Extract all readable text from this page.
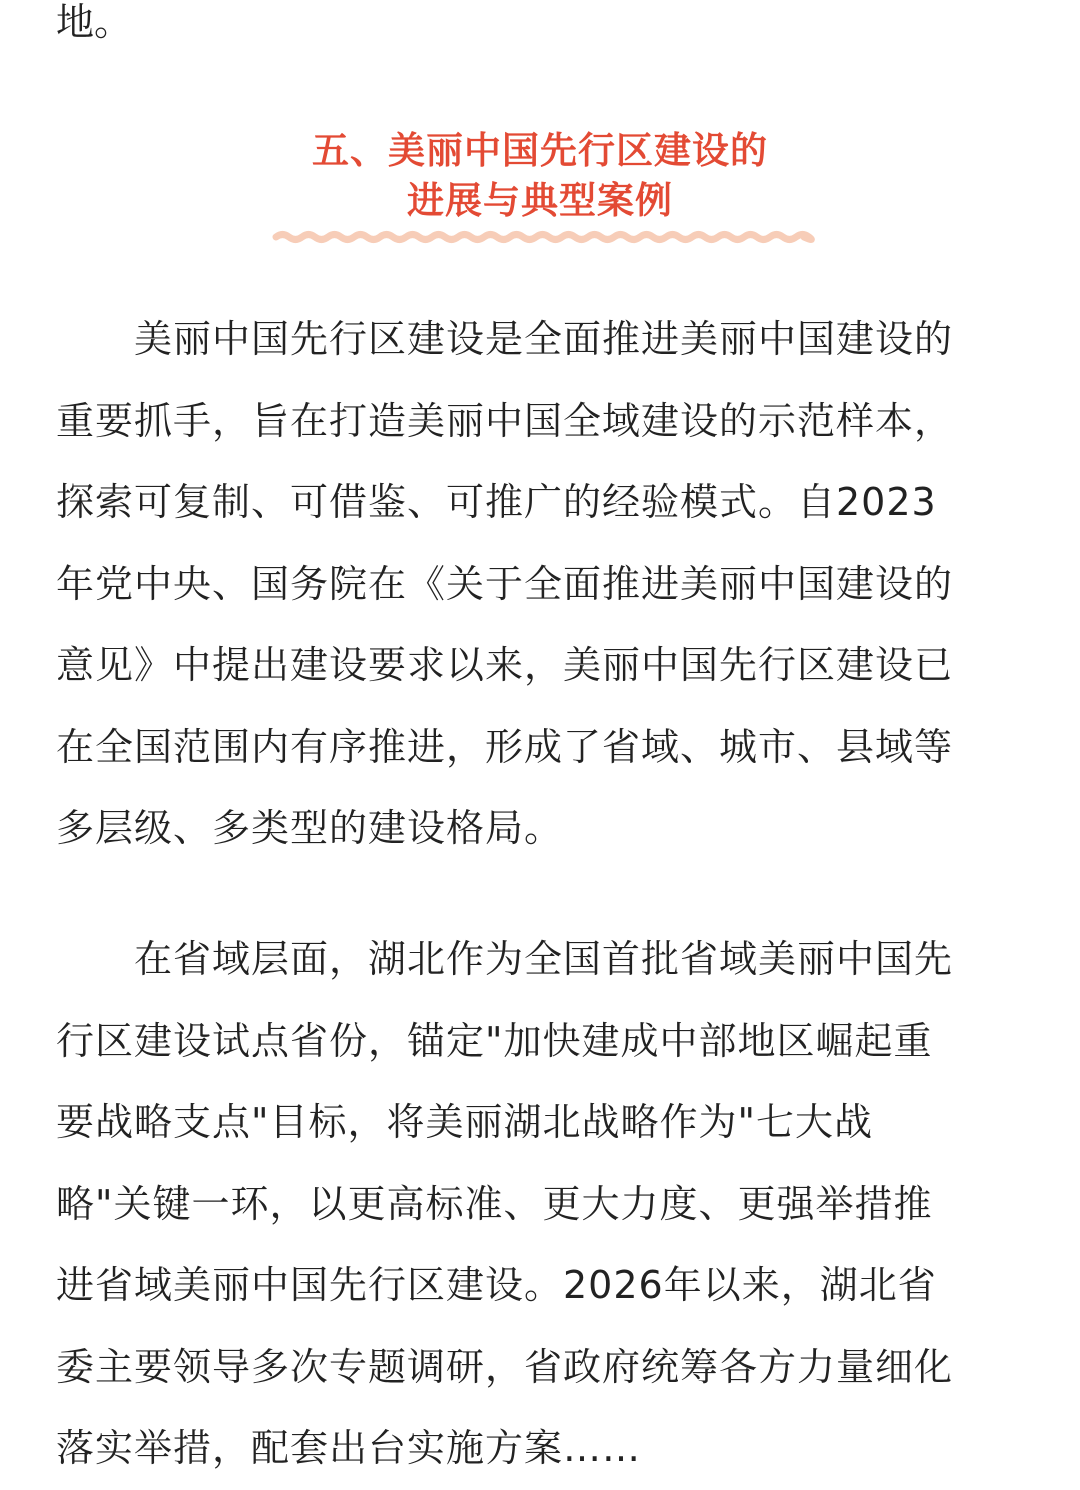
地。
五、美丽中国先行区建设的
进展与典型案例
　　美丽中国先行区建设是全面推进美丽中国建设的
重要抓手，旨在打造美丽中国全域建设的示范样本，
探索可复制、可借鉴、可推广的经验模式。自2023
年党中央、国务院在《关于全面推进美丽中国建设的
意见》中提出建设要求以来，美丽中国先行区建设已
在全国范围内有序推进，形成了省域、城市、县域等
多层级、多类型的建设格局。
　　在省域层面，湖北作为全国首批省域美丽中国先
行区建设试点省份，锚定"加快建成中部地区崛起重
要战略支点"目标，将美丽湖北战略作为"七大战
略"关键一环，以更高标准、更大力度、更强举措推
进省域美丽中国先行区建设。2026年以来，湖北省
委主要领导多次专题调研，省政府统筹各方力量细化
落实举措，配套出台实施方案……
